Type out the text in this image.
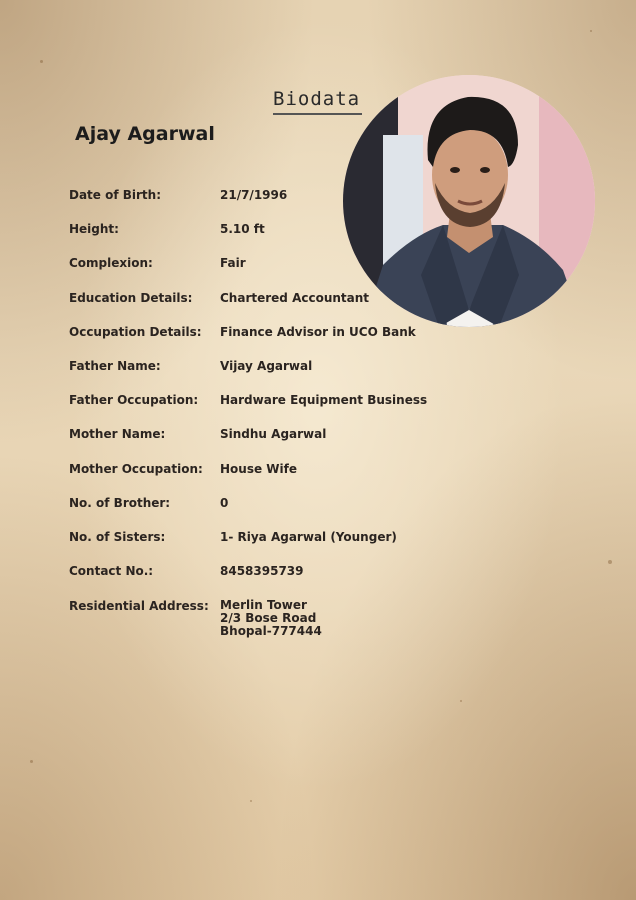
Biodata
Ajay Agarwal
Date of Birth:	21/7/1996
Height:	5.10 ft
Complexion:	Fair
Education Details: Chartered Accountant
Occupation Details: Finance Advisor in UCO Bank
Father Name:	Vijay Agarwal
Father Occupation: Hardware Equipment Business
Mother Name:	Sindhu Agarwal
Mother Occupation: House Wife
No. of Brother:	0
No. of Sisters:	1- Riya Agarwal (Younger)
Contact No.:	8458395739
Residential Address: Merlin Tower
2/3 Bose Road
Bhopal-777444
